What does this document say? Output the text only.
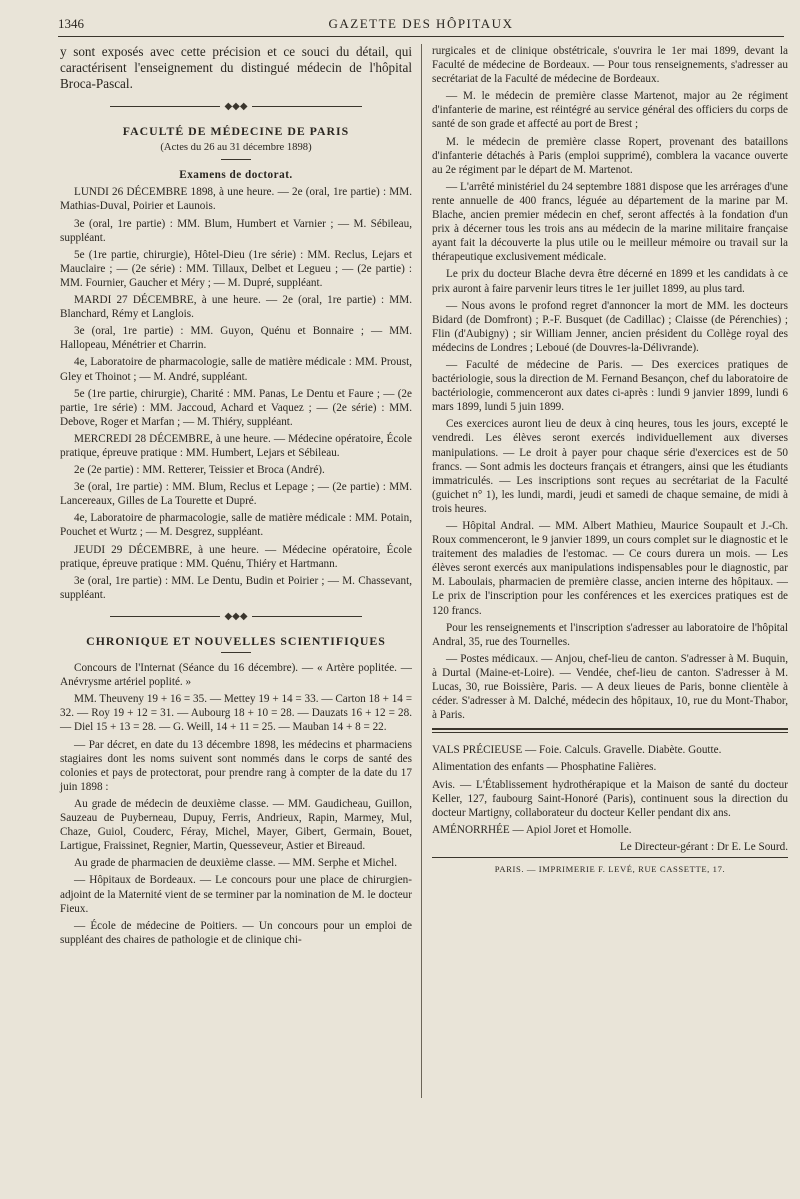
1346	GAZETTE DES HÔPITAUX

y sont exposés avec cette précision et ce souci du détail, qui caractérisent l'enseignement du distingué médecin de l'hôpital Broca-Pascal.

◆◆◆

FACULTÉ DE MÉDECINE DE PARIS

(Actes du 26 au 31 décembre 1898)

Examens de doctorat.

LUNDI 26 DÉCEMBRE 1898, à une heure. — 2e (oral, 1re partie) : MM. Mathias-Duval, Poirier et Launois.

3e (oral, 1re partie) : MM. Blum, Humbert et Varnier ; — M. Sébileau, suppléant.

5e (1re partie, chirurgie), Hôtel-Dieu (1re série) : MM. Reclus, Lejars et Mauclaire ; — (2e série) : MM. Tillaux, Delbet et Legueu ; — (2e partie) : MM. Fournier, Gaucher et Méry ; — M. Dupré, suppléant.

MARDI 27 DÉCEMBRE, à une heure. — 2e (oral, 1re partie) : MM. Blanchard, Rémy et Langlois.

3e (oral, 1re partie) : MM. Guyon, Quénu et Bonnaire ; — MM. Hallopeau, Ménétrier et Charrin.

4e, Laboratoire de pharmacologie, salle de matière médicale : MM. Proust, Gley et Thoinot ; — M. André, suppléant.

5e (1re partie, chirurgie), Charité : MM. Panas, Le Dentu et Faure ; — (2e partie, 1re série) : MM. Jaccoud, Achard et Vaquez ; — (2e série) : MM. Debove, Roger et Marfan ; — M. Thiéry, suppléant.

MERCREDI 28 DÉCEMBRE, à une heure. — Médecine opératoire, École pratique, épreuve pratique : MM. Humbert, Lejars et Sébileau.

2e (2e partie) : MM. Retterer, Teissier et Broca (André).

3e (oral, 1re partie) : MM. Blum, Reclus et Lepage ; — (2e partie) : MM. Lancereaux, Gilles de La Tourette et Dupré.

4e, Laboratoire de pharmacologie, salle de matière médicale : MM. Potain, Pouchet et Wurtz ; — M. Desgrez, suppléant.

JEUDI 29 DÉCEMBRE, à une heure. — Médecine opératoire, École pratique, épreuve pratique : MM. Quénu, Thiéry et Hartmann.

3e (oral, 1re partie) : MM. Le Dentu, Budin et Poirier ; — M. Chassevant, suppléant.

◆◆◆

CHRONIQUE ET NOUVELLES SCIENTIFIQUES

Concours de l'Internat (Séance du 16 décembre). — « Artère poplitée. — Anévrysme artériel poplité. »

MM. Theuveny 19 + 16 = 35. — Mettey 19 + 14 = 33. — Carton 18 + 14 = 32. — Roy 19 + 12 = 31. — Aubourg 18 + 10 = 28. — Dauzats 16 + 12 = 28. — Diel 15 + 13 = 28. — G. Weill, 14 + 11 = 25. — Mauban 14 + 8 = 22.

— Par décret, en date du 13 décembre 1898, les médecins et pharmaciens stagiaires dont les noms suivent sont nommés dans le corps de santé des colonies et pays de protectorat, pour prendre rang à compter de la date du 17 juin 1898 :

Au grade de médecin de deuxième classe. — MM. Gaudicheau, Guillon, Sauzeau de Puyberneau, Dupuy, Ferris, Andrieux, Rapin, Marmey, Mul, Chaze, Guiol, Couderc, Féray, Michel, Mayer, Gibert, Germain, Bouet, Lartigue, Fraissinet, Regnier, Martin, Quesseveur, Astier et Bireaud.

Au grade de pharmacien de deuxième classe. — MM. Serphe et Michel.

— Hôpitaux de Bordeaux. — Le concours pour une place de chirurgien-adjoint de la Maternité vient de se terminer par la nomination de M. le docteur Fieux.

— École de médecine de Poitiers. — Un concours pour un emploi de suppléant des chaires de pathologie et de clinique chi-

rurgicales et de clinique obstétricale, s'ouvrira le 1er mai 1899, devant la Faculté de médecine de Bordeaux. — Pour tous renseignements, s'adresser au secrétariat de la Faculté de médecine de Bordeaux.

— M. le médecin de première classe Martenot, major au 2e régiment d'infanterie de marine, est réintégré au service général des officiers du corps de santé de son grade et affecté au port de Brest ;

M. le médecin de première classe Ropert, provenant des bataillons d'infanterie détachés à Paris (emploi supprimé), comblera la vacance ouverte au 2e régiment par le départ de M. Martenot.

— L'arrêté ministériel du 24 septembre 1881 dispose que les arrérages d'une rente annuelle de 400 francs, léguée au département de la marine par M. Blache, ancien premier médecin en chef, seront affectés à la fondation d'un prix à décerner tous les trois ans au médecin de la marine militaire française ayant fait la découverte la plus utile ou le meilleur mémoire ou travail sur la thérapeutique exclusivement médicale.

Le prix du docteur Blache devra être décerné en 1899 et les candidats à ce prix auront à faire parvenir leurs titres le 1er juillet 1899, au plus tard.

— Nous avons le profond regret d'annoncer la mort de MM. les docteurs Bidard (de Domfront) ; P.-F. Busquet (de Cadillac) ; Claisse (de Pérenchies) ; Flin (d'Aubigny) ; sir William Jenner, ancien président du Collège royal des médecins de Londres ; Leboué (de Douvres-la-Délivrande).

— Faculté de médecine de Paris. — Des exercices pratiques de bactériologie, sous la direction de M. Fernand Besançon, chef du laboratoire de bactériologie, commenceront aux dates ci-après : lundi 9 janvier 1899, lundi 6 mars 1899, lundi 5 juin 1899.

Ces exercices auront lieu de deux à cinq heures, tous les jours, excepté le vendredi. Les élèves seront exercés individuellement aux diverses manipulations. — Le droit à payer pour chaque série d'exercices est de 50 francs. — Sont admis les docteurs français et étrangers, ainsi que les étudiants immatriculés. — Les inscriptions sont reçues au secrétariat de la Faculté (guichet n° 1), les lundi, mardi, jeudi et samedi de chaque semaine, de midi à trois heures.

— Hôpital Andral. — MM. Albert Mathieu, Maurice Soupault et J.-Ch. Roux commenceront, le 9 janvier 1899, un cours complet sur le diagnostic et le traitement des maladies de l'estomac. — Ce cours durera un mois. — Les élèves seront exercés aux manipulations indispensables pour le diagnostic, par M. Laboulais, pharmacien de première classe, ancien interne des hôpitaux. — Le prix de l'inscription pour les conférences et les exercices pratiques est de 120 francs.

Pour les renseignements et l'inscription s'adresser au laboratoire de l'hôpital Andral, 35, rue des Tournelles.

— Postes médicaux. — Anjou, chef-lieu de canton. S'adresser à M. Buquin, à Durtal (Maine-et-Loire). — Vendée, chef-lieu de canton. S'adresser à M. Lucas, 30, rue Boissière, Paris. — A deux lieues de Paris, bonne clientèle à céder. S'adresser à M. Dalché, médecin des hôpitaux, 10, rue du Mont-Thabor, à Paris.

VALS PRÉCIEUSE — Foie. Calculs. Gravelle. Diabète. Goutte.

Alimentation des enfants — Phosphatine Falières.

Avis. — L'Établissement hydrothérapique et la Maison de santé du docteur Keller, 127, faubourg Saint-Honoré (Paris), continuent sous la direction du docteur Martigny, collaborateur du docteur Keller pendant dix ans.

AMÉNORRHÉE — Apiol Joret et Homolle.

Le Directeur-gérant : Dr E. Le Sourd.

PARIS. — IMPRIMERIE F. LEVÉ, RUE CASSETTE, 17.
